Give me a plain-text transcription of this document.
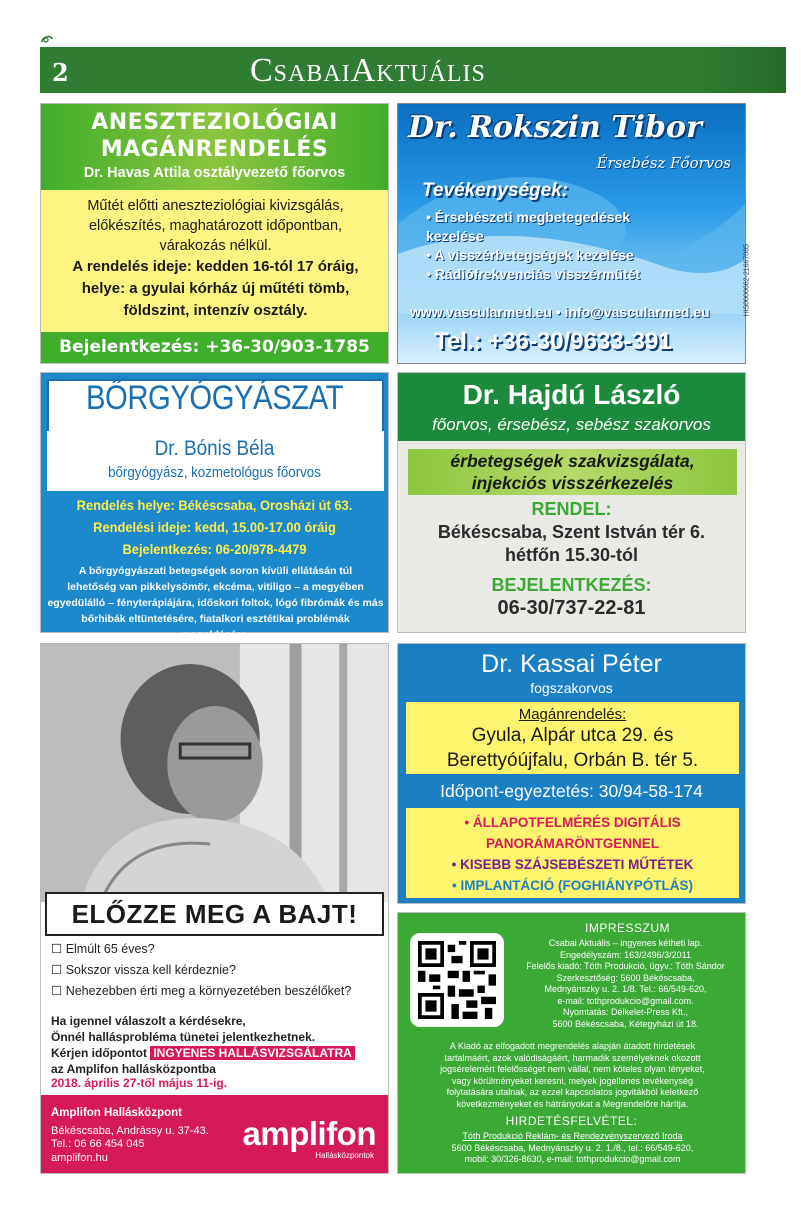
2	CsabaiAktuális
ANESZTEZIOLÓGIAI
MAGÁNRENDELÉS
Dr. Havas Attila osztályvezető főorvos

Műtét előtti aneszteziológiai kivizsgálás,

előkészítés, maghatározott időpontban,

várakozás nélkül.

A rendelés ideje: kedden 16-tól 17 óráig,

helye: a gyulai kórház új műtéti tömb,

földszint, intenzív osztály.

Bejelentkezés: +36-30/903-1785
Dr. Rokszin Tibor
Érsebész Főorvos
Tevékenységek:
• Érsebészeti megbetegedések
kezelése
• A visszérbetegségek kezelése
• Rádiófrekvenciás visszérműtét
www.vascularmed.eu • info@vascularmed.eu
Tel.: +36-30/9633-391
HIS0000662-21667085
BŐRGYÓGYÁSZAT
Dr. Bónis Béla
bőrgyógyász, kozmetológus főorvos
Rendelés helye: Békéscsaba, Orosházi út 63.
Rendelési ideje: kedd, 15.00-17.00 óráig
Bejelentkezés: 06-20/978-4479
A bőrgyógyászati betegségek soron kívüli ellátásán túl
lehetőség van pikkelysömör, ekcéma, vitiligo – a megyében
egyedülálló – fényterápiájára, időskori foltok, lógó fibrómák és más
bőrhibák eltüntetésére, fiatalkori esztétikai problémák megoldására.
Dr. Hajdú László
főorvos, érsebész, sebész szakorvos
érbetegségek szakvizsgálata,
injekciós visszérkezelés
RENDEL:
Békéscsaba, Szent István tér 6.
hétfőn 15.30-tól
BEJELENTKEZÉS:
06-30/737-22-81
ELŐZZE MEG A BAJT!
☐ Elmúlt 65 éves?
☐ Sokszor vissza kell kérdeznie?
☐ Nehezebben érti meg a környezetében beszélőket?
Ha igennel válaszolt a kérdésekre,
Önnél hallásprobléma tünetei jelentkezhetnek.
Kérjen időpontot INGYENES HALLÁSVIZSGÁLATRA
az Amplifon hallásközpontba
2018. április 27-től május 11-ig.
Amplifon Hallásközpont
Békéscsaba, Andrássy u. 37-43.
Tel.: 06 66 454 045
amplifon.hu
amplifon
Hallásközpontok
Dr. Kassai Péter
fogszakorvos
Magánrendelés:
Gyula, Alpár utca 29. és
Berettyóújfalu, Orbán B. tér 5.
Időpont-egyeztetés: 30/94-58-174
• ÁLLAPOTFELMÉRÉS DIGITÁLIS
PANORÁMARÖNTGENNEL
• KISEBB SZÁJSEBÉSZETI MŰTÉTEK
• IMPLANTÁCIÓ (FOGHIÁNYPÓTLÁS)
IMPRESSZUM
Csabai Aktuális – ingyenes kétheti lap.
Engedélyszám: 163/2496/3/2011
Felelős kiadó: Tóth Produkció, ügyv.: Tóth Sándor
Szerkesztőség: 5600 Békéscsaba,
Mednyánszky u. 2. 1/8. Tel.: 66/549-620,
e-mail: tothprodukcio@gmail.com.
Nyomtatás: Délkelet-Press Kft.,
5600 Békéscsaba, Kétegyházi út 18.
A Kiadó az elfogadott megrendelés alapján átadott hirdetések
tartalmáért, azok valódiságáért, harmadik személyeknek okozott
jogsérelemért felelősséget nem vállal, nem köteles olyan tényeket,
vagy körülményeket keresni, melyek jogellenes tevékenység
folytatására utalnak, az ezzel kapcsolatos jogvitákból keletkező
következményeket és hátrányokat a Megrendelőre hárítja.
HIRDETÉSFELVÉTEL:
Tóth Produkció Reklám- és Rendezvényszervező Iroda
5600 Békéscsaba, Mednyánszky u. 2. 1./8., tel.: 66/549-620,
mobil: 30/326-8630, e-mail: tothprodukcio@gmail.com
